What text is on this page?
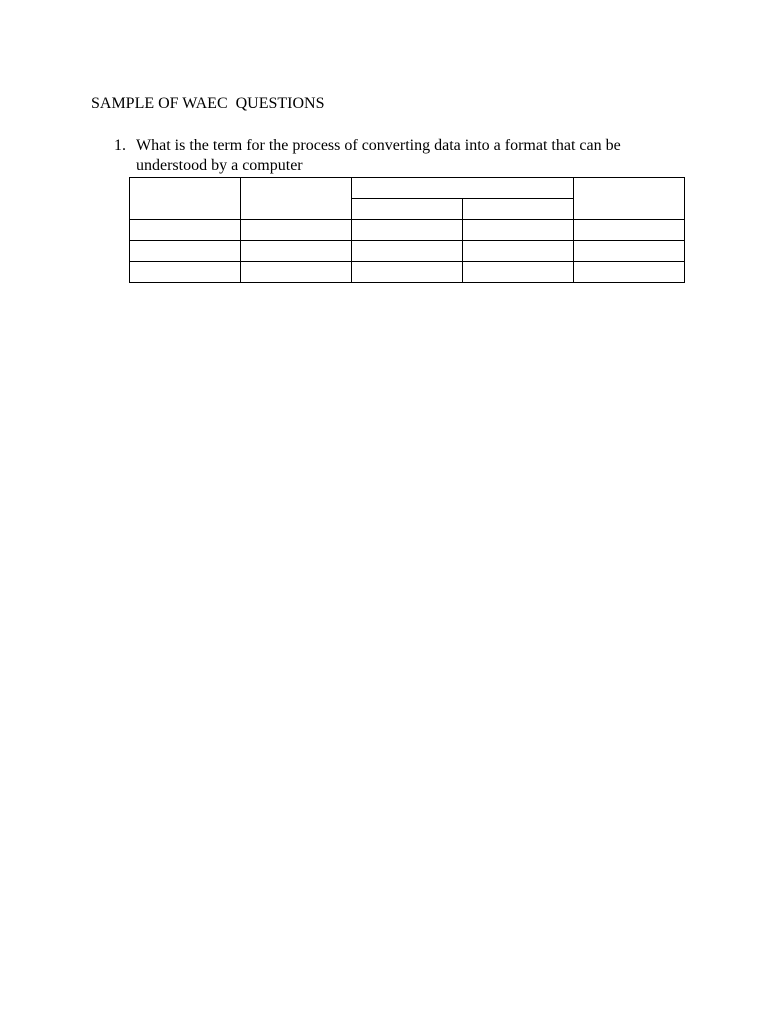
SAMPLE OF WAEC  QUESTIONS
1. What is the term for the process of converting data into a format that can be
understood by a computer
